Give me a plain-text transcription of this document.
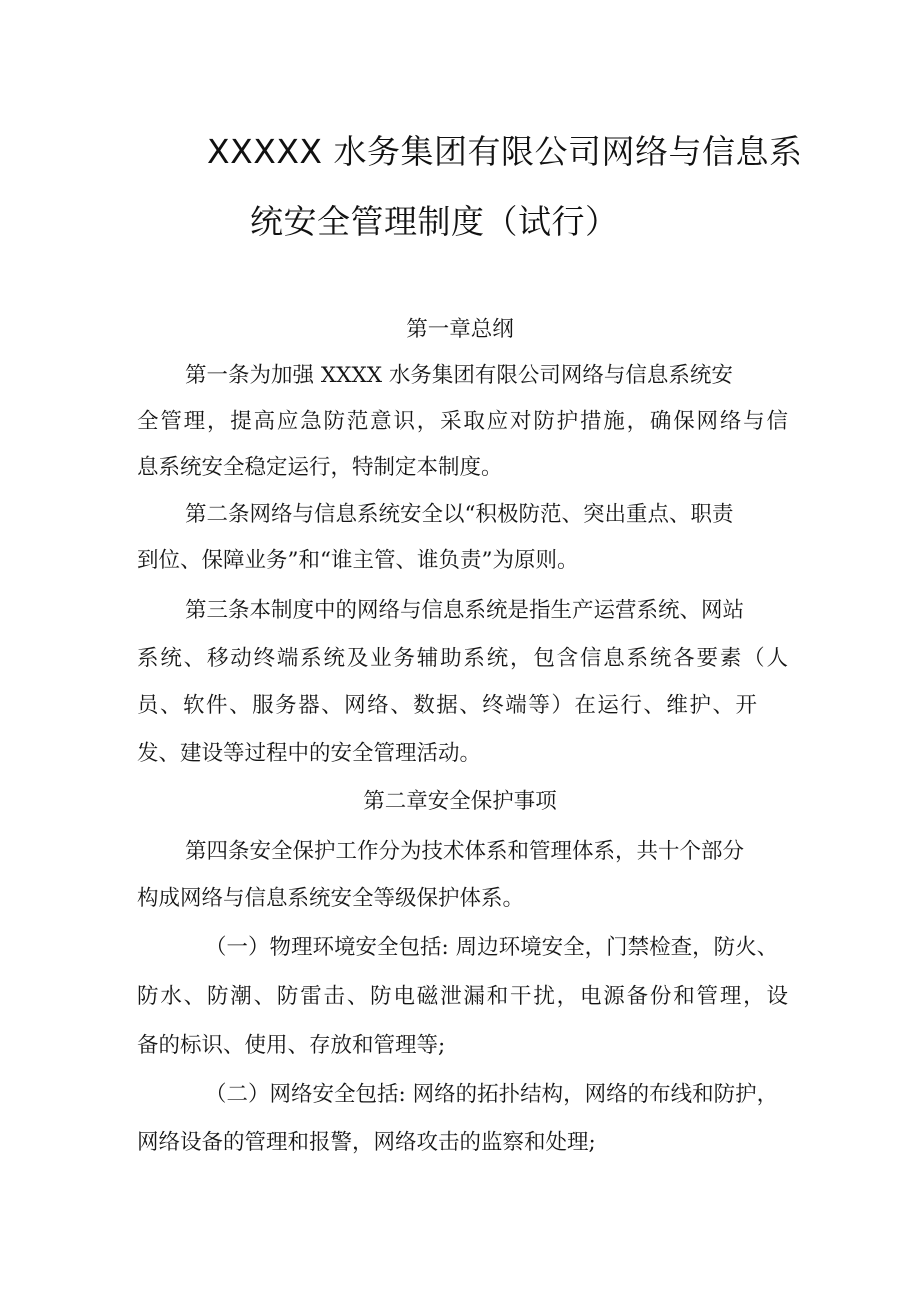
XXXXX 水务集团有限公司网络与信息系
统安全管理制度（试行）
第一章总纲
第一条为加强 XXXX 水务集团有限公司网络与信息系统安
全管理，提高应急防范意识，采取应对防护措施，确保网络与信
息系统安全稳定运行，特制定本制度。
第二条网络与信息系统安全以“积极防范、突出重点、职责
到位、保障业务”和“谁主管、谁负责”为原则。
第三条本制度中的网络与信息系统是指生产运营系统、网站
系统、移动终端系统及业务辅助系统，包含信息系统各要素（人
员、软件、服务器、网络、数据、终端等）在运行、维护、开
发、建设等过程中的安全管理活动。
第二章安全保护事项
第四条安全保护工作分为技术体系和管理体系，共十个部分
构成网络与信息系统安全等级保护体系。
（一）物理环境安全包括: 周边环境安全，门禁检查，防火、
防水、防潮、防雷击、防电磁泄漏和干扰，电源备份和管理，设
备的标识、使用、存放和管理等;
（二）网络安全包括: 网络的拓扑结构，网络的布线和防护，
网络设备的管理和报警，网络攻击的监察和处理;
